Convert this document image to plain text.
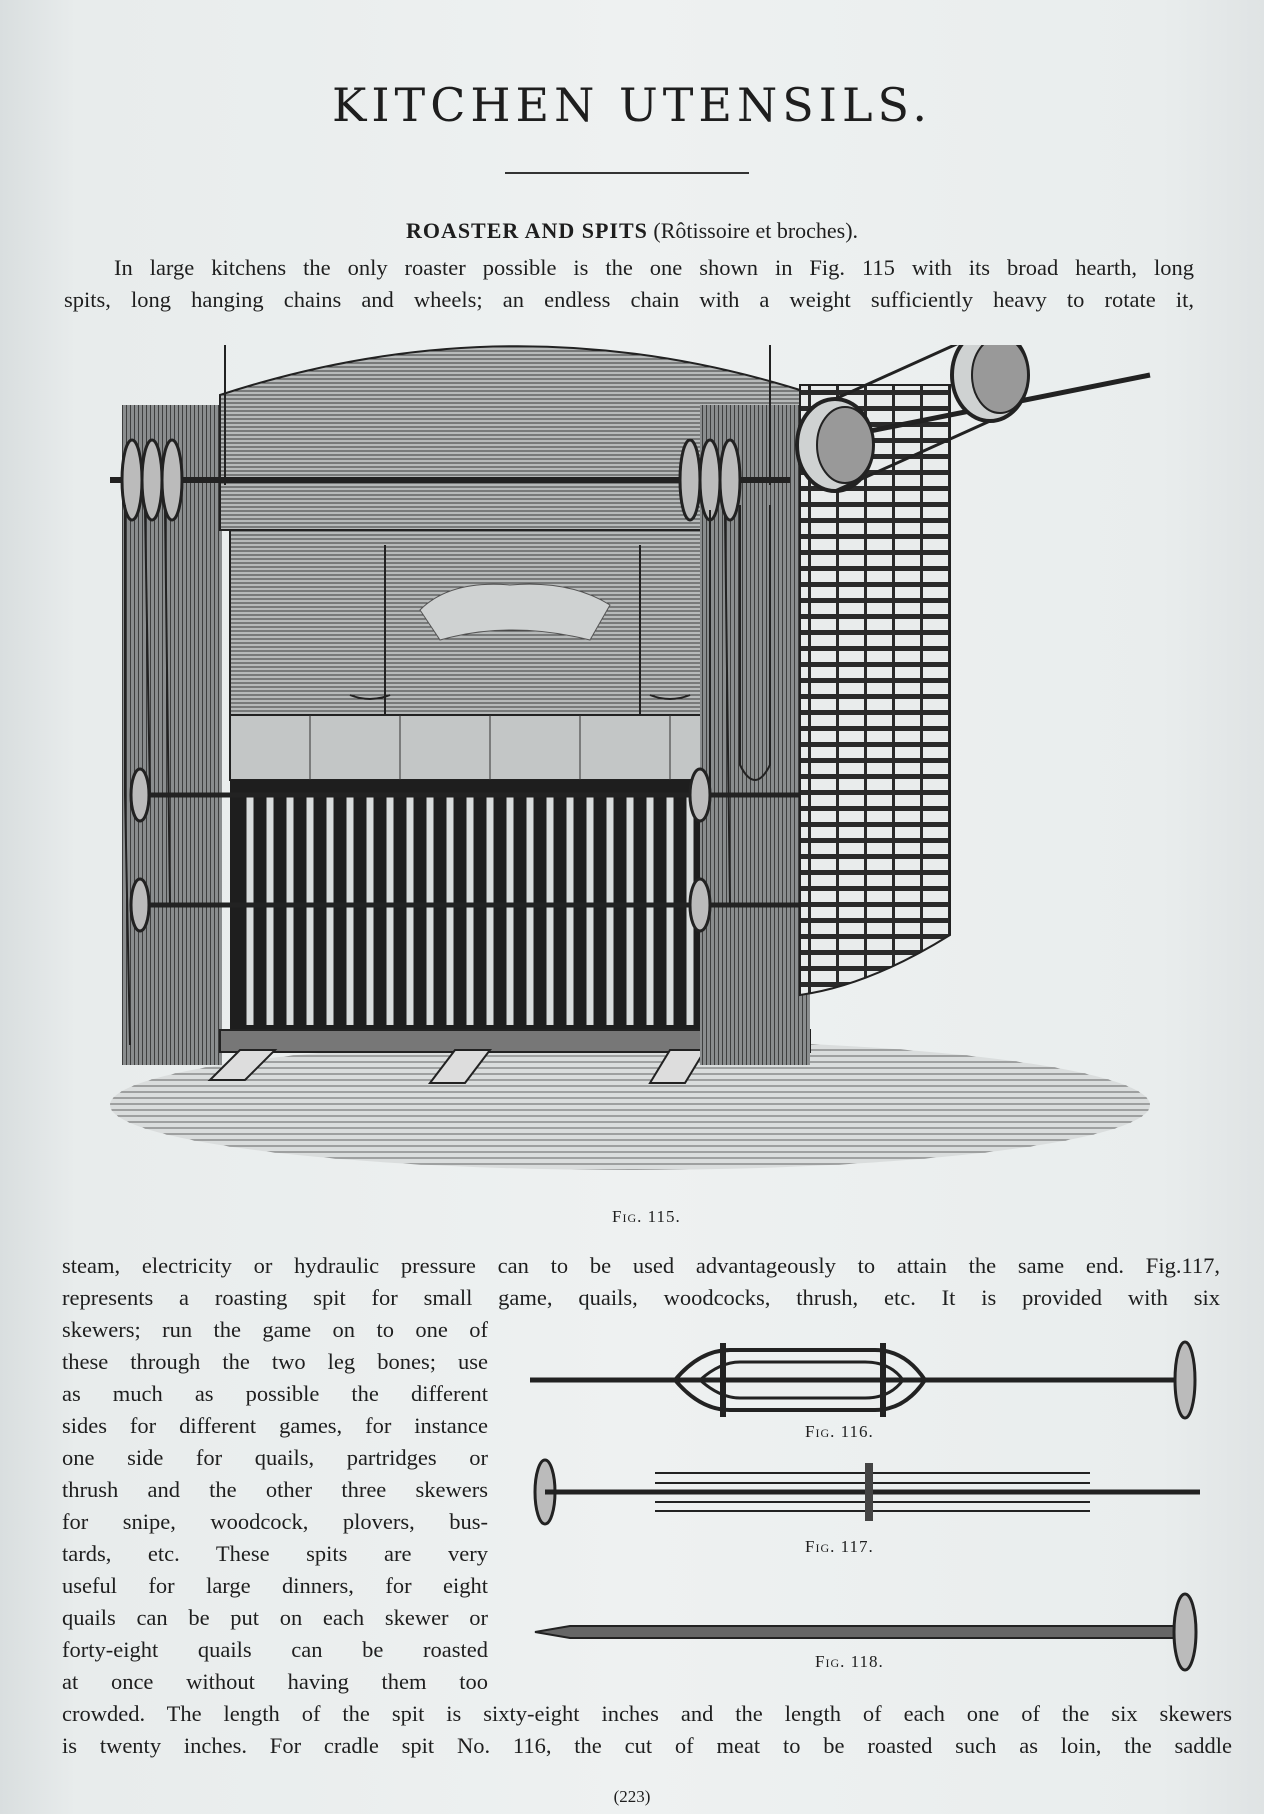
KITCHEN UTENSILS.
ROASTER AND SPITS (Rôtissoire et broches).
In large kitchens the only roaster possible is the one shown in Fig. 115 with its broad hearth, long
spits, long hanging chains and wheels; an endless chain with a weight sufficiently heavy to rotate it,
Fig. 115.
steam, electricity or hydraulic pressure can to be used advantageously to attain the same end. Fig.117,
represents a roasting spit for small game, quails, woodcocks, thrush, etc. It is provided with six
skewers; run the game on to one of
these through the two leg bones; use
as much as possible the different
sides for different games, for instance
one side for quails, partridges or
thrush and the other three skewers
for snipe, woodcock, plovers, bus-
tards, etc. These spits are very
useful for large dinners, for eight
quails can be put on each skewer or
forty-eight quails can be roasted
at once without having them too
Fig. 116.
Fig. 117.
Fig. 118.
crowded. The length of the spit is sixty-eight inches and the length of each one of the six skewers
is twenty inches. For cradle spit No. 116, the cut of meat to be roasted such as loin, the saddle
(223)
